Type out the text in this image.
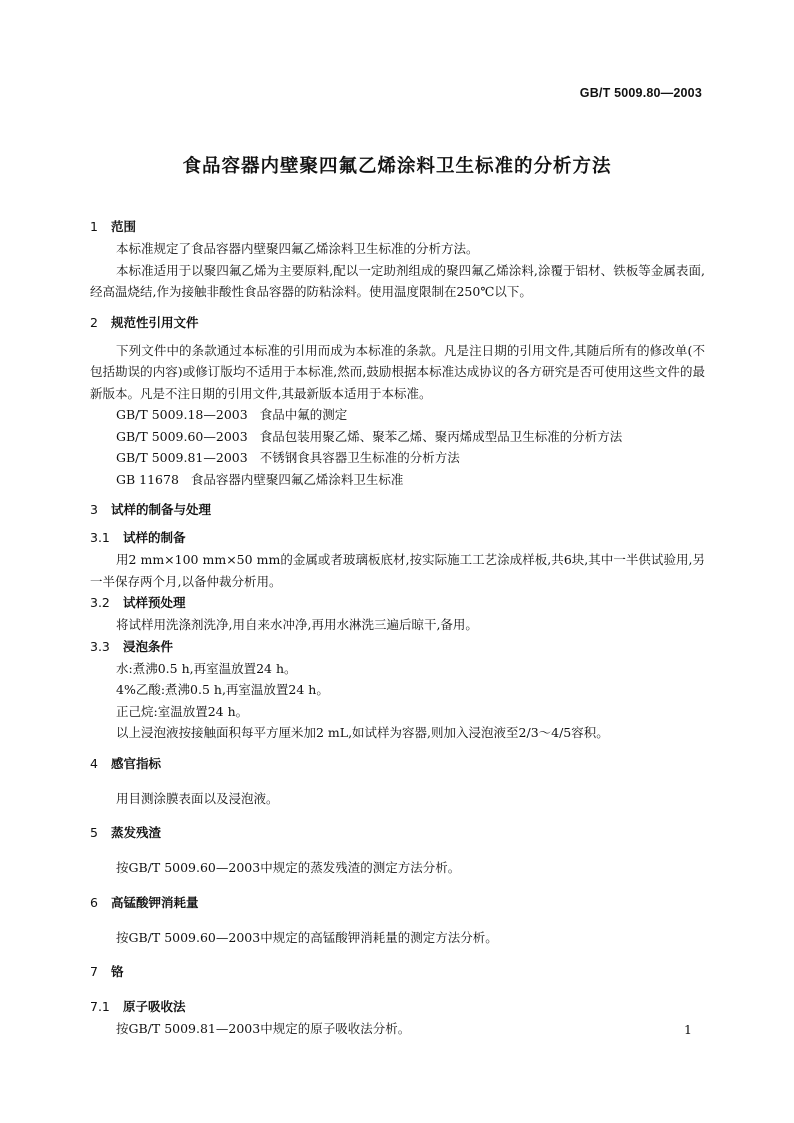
GB/T 5009.80—2003
食品容器内壁聚四氟乙烯涂料卫生标准的分析方法
1 范围
本标准规定了食品容器内壁聚四氟乙烯涂料卫生标准的分析方法。
本标准适用于以聚四氟乙烯为主要原料,配以一定助剂组成的聚四氟乙烯涂料,涂覆于铝材、铁板等金属表面,经高温烧结,作为接触非酸性食品容器的防粘涂料。使用温度限制在250℃以下。
2 规范性引用文件
下列文件中的条款通过本标准的引用而成为本标准的条款。凡是注日期的引用文件,其随后所有的修改单(不包括勘误的内容)或修订版均不适用于本标准,然而,鼓励根据本标准达成协议的各方研究是否可使用这些文件的最新版本。凡是不注日期的引用文件,其最新版本适用于本标准。
GB/T 5009.18—2003 食品中氟的测定
GB/T 5009.60—2003 食品包装用聚乙烯、聚苯乙烯、聚丙烯成型品卫生标准的分析方法
GB/T 5009.81—2003 不锈钢食具容器卫生标准的分析方法
GB 11678 食品容器内壁聚四氟乙烯涂料卫生标准
3 试样的制备与处理
3.1 试样的制备
用2 mm×100 mm×50 mm的金属或者玻璃板底材,按实际施工工艺涂成样板,共6块,其中一半供试验用,另一半保存两个月,以备仲裁分析用。
3.2 试样预处理
将试样用洗涤剂洗净,用自来水冲净,再用水淋洗三遍后晾干,备用。
3.3 浸泡条件
水:煮沸0.5 h,再室温放置24 h。
4%乙酸:煮沸0.5 h,再室温放置24 h。
正己烷:室温放置24 h。
以上浸泡液按接触面积每平方厘米加2 mL,如试样为容器,则加入浸泡液至2/3～4/5容积。
4 感官指标
用目测涂膜表面以及浸泡液。
5 蒸发残渣
按GB/T 5009.60—2003中规定的蒸发残渣的测定方法分析。
6 高锰酸钾消耗量
按GB/T 5009.60—2003中规定的高锰酸钾消耗量的测定方法分析。
7 铬
7.1 原子吸收法
按GB/T 5009.81—2003中规定的原子吸收法分析。	1
